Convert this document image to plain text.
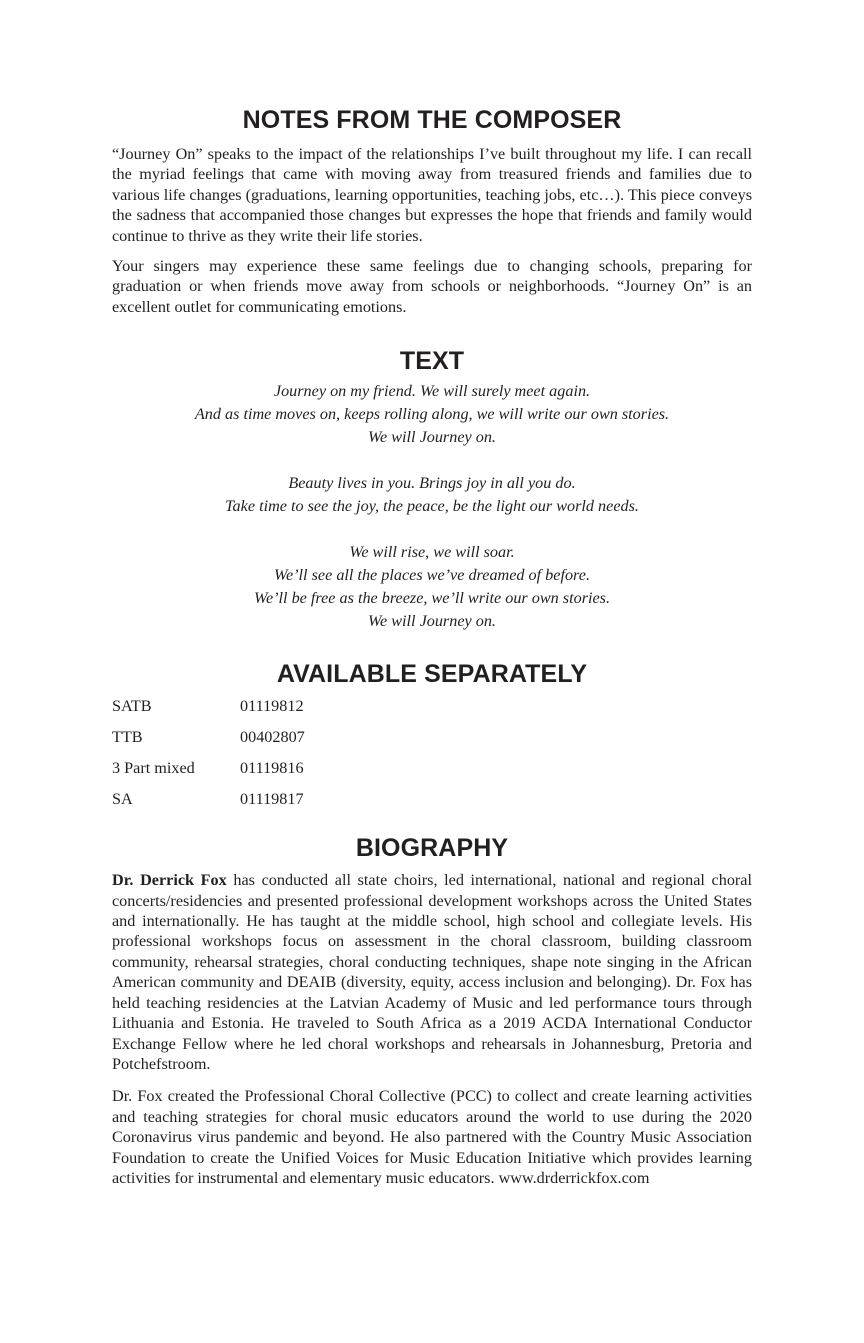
NOTES FROM THE COMPOSER

“Journey On” speaks to the impact of the relationships I’ve built throughout my life. I can recall the myriad feelings that came with moving away from treasured friends and families due to various life changes (graduations, learning opportunities, teaching jobs, etc…). This piece conveys the sadness that accompanied those changes but expresses the hope that friends and family would continue to thrive as they write their life stories.

Your singers may experience these same feelings due to changing schools, preparing for graduation or when friends move away from schools or neighborhoods. “Journey On” is an excellent outlet for communicating emotions.

TEXT

Journey on my friend. We will surely meet again.
And as time moves on, keeps rolling along, we will write our own stories.
We will Journey on.

Beauty lives in you. Brings joy in all you do.
Take time to see the joy, the peace, be the light our world needs.

We will rise, we will soar.
We’ll see all the places we’ve dreamed of before.
We’ll be free as the breeze, we’ll write our own stories.
We will Journey on.

AVAILABLE SEPARATELY
SATB	01119812
TTB	00402807
3 Part mixed	01119816
SA	01119817
BIOGRAPHY

Dr. Derrick Fox has conducted all state choirs, led international, national and regional choral concerts/residencies and presented professional development workshops across the United States and internationally. He has taught at the middle school, high school and collegiate levels. His professional workshops focus on assessment in the choral classroom, building classroom community, rehearsal strategies, choral conducting techniques, shape note singing in the African American community and DEAIB (diversity, equity, access inclusion and belonging). Dr. Fox has held teaching residencies at the Latvian Academy of Music and led performance tours through Lithuania and Estonia. He traveled to South Africa as a 2019 ACDA International Conductor Exchange Fellow where he led choral workshops and rehearsals in Johannesburg, Pretoria and Potchefstroom.

Dr. Fox created the Professional Choral Collective (PCC) to collect and create learning activities and teaching strategies for choral music educators around the world to use during the 2020 Coronavirus virus pandemic and beyond. He also partnered with the Country Music Association Foundation to create the Unified Voices for Music Education Initiative which provides learning activities for instrumental and elementary music educators. www.drderrickfox.com
